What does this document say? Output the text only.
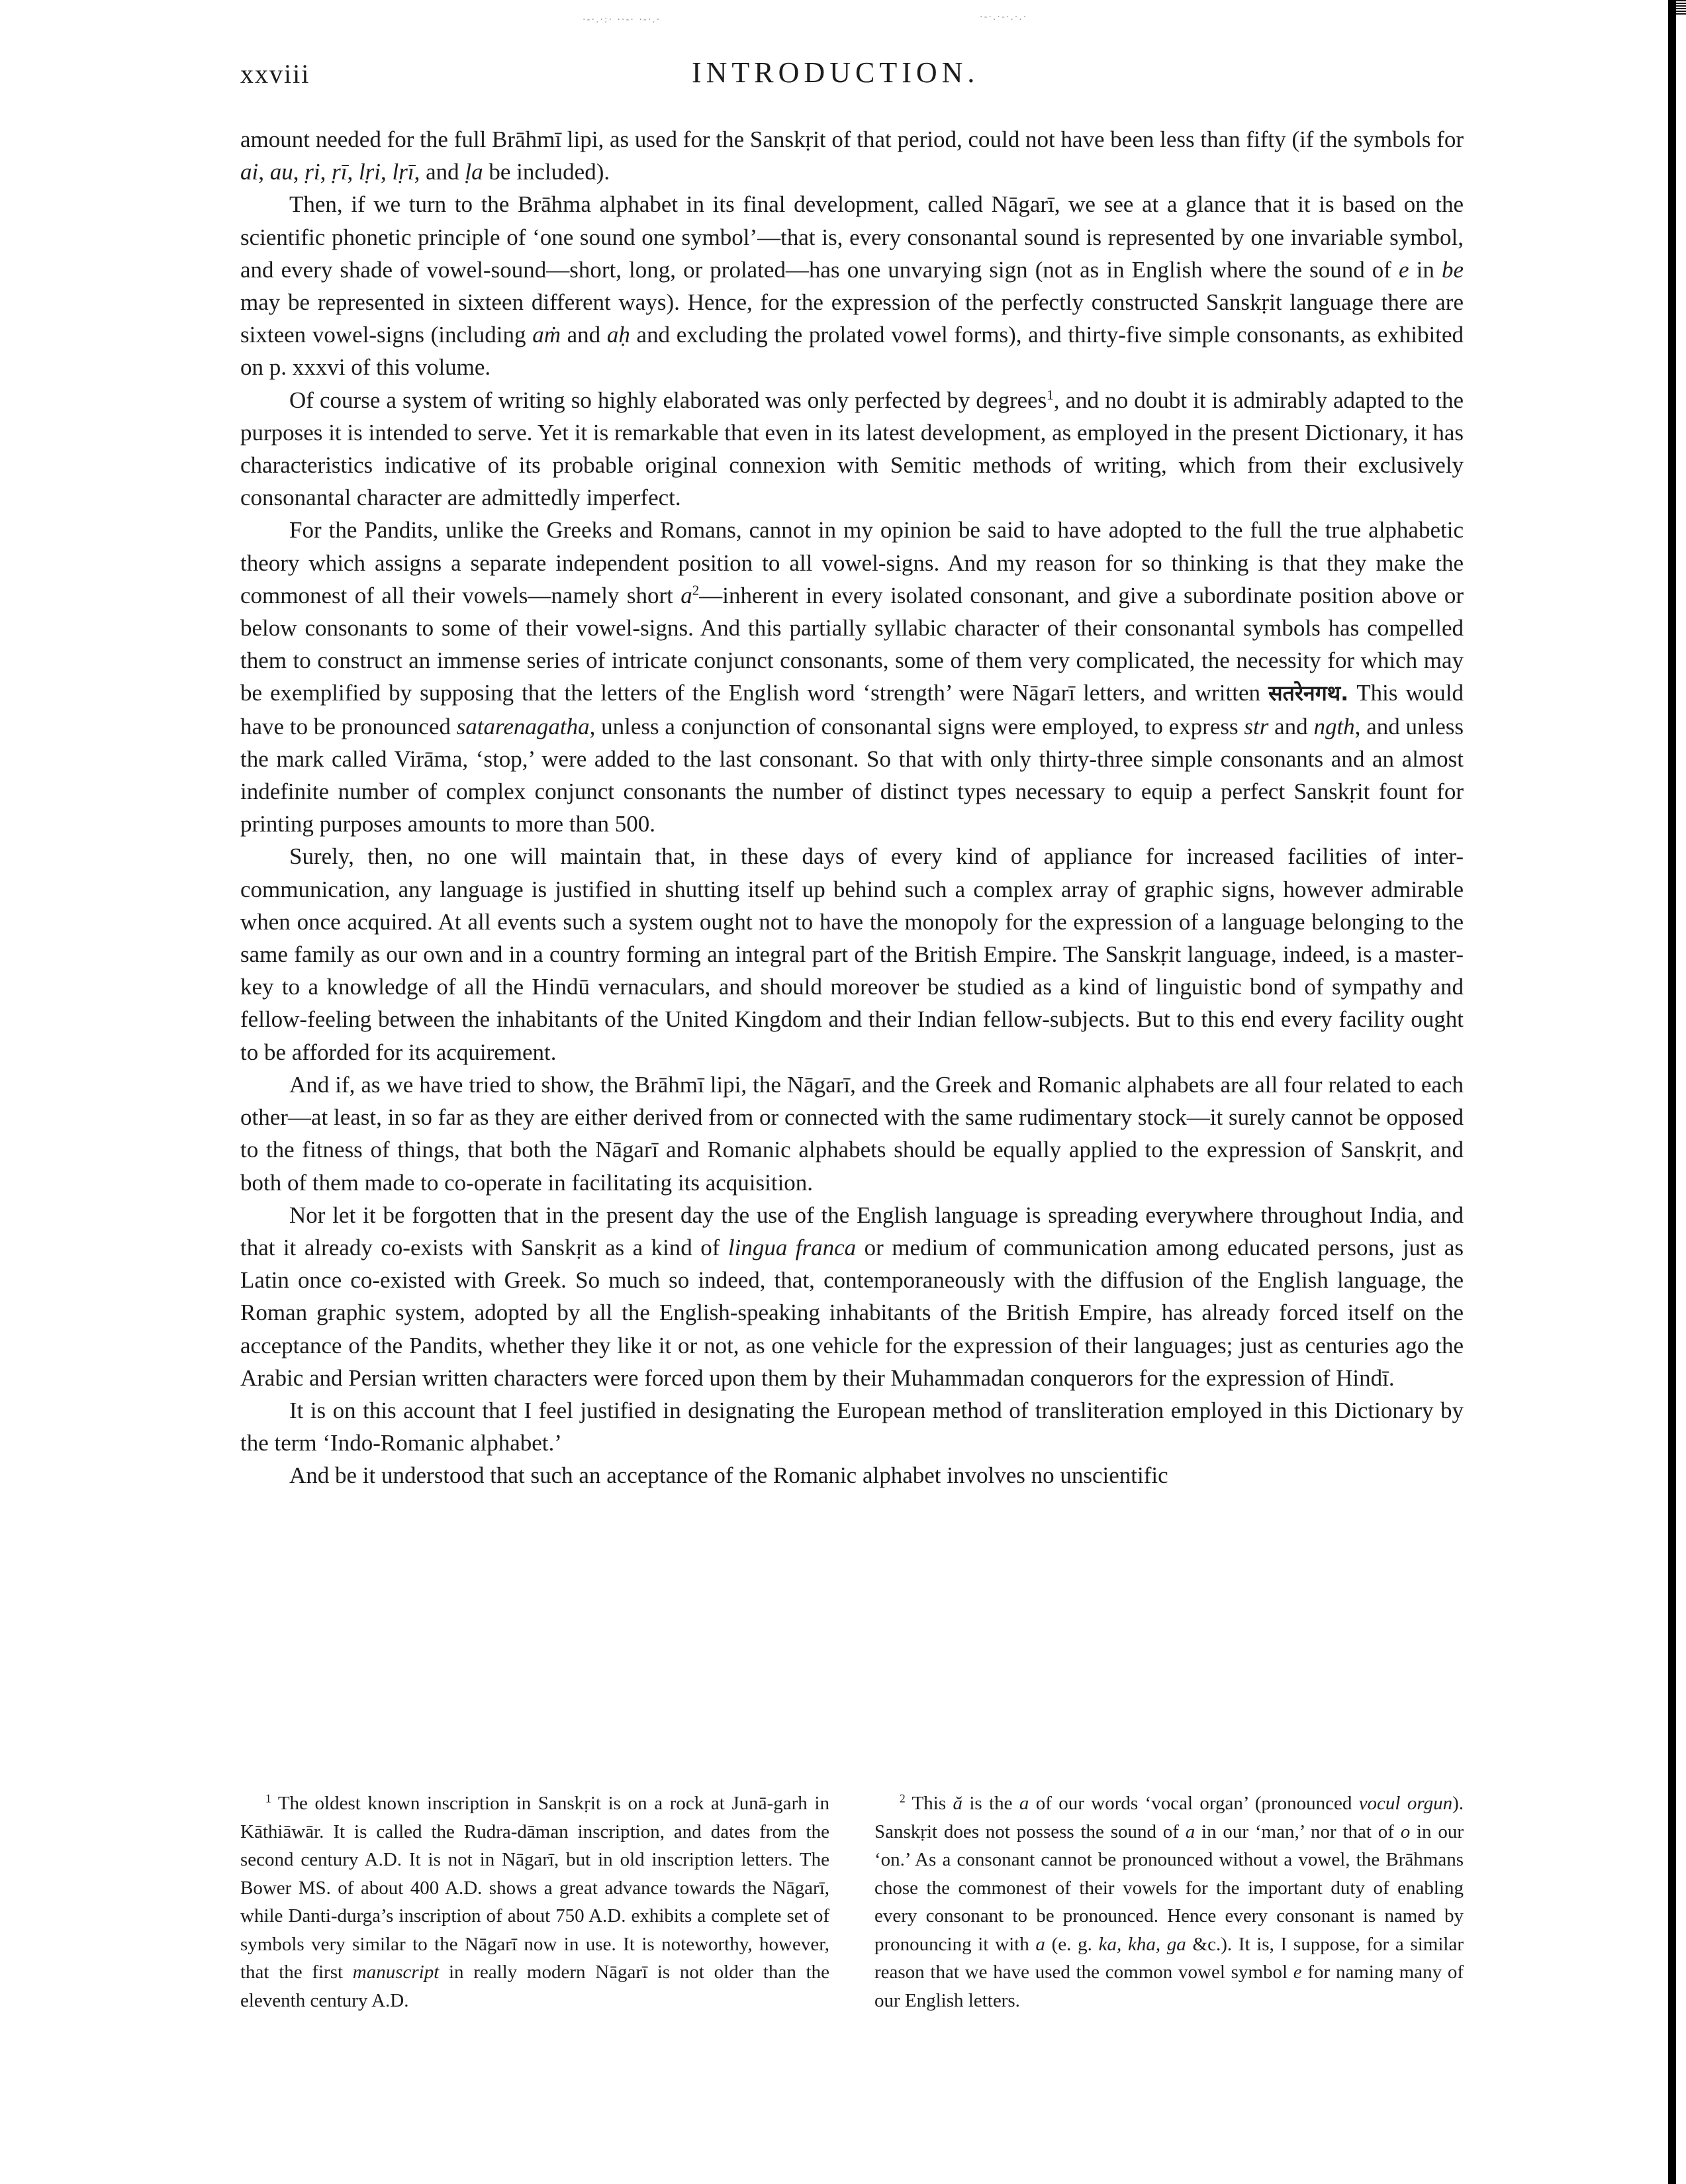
·-·.·:· ··-· ·-·.·	·-·.·-·.·.·
xxviii	INTRODUCTION.

amount needed for the full Brāhmī lipi, as used for the Sanskṛit of that period, could not have been less than fifty (if the symbols for ai, au, ṛi, ṛī, lṛi, lṛī, and ḷa be included).

Then, if we turn to the Brāhma alphabet in its final development, called Nāgarī, we see at a glance that it is based on the scientific phonetic principle of ‘one sound one symbol’—that is, every consonantal sound is represented by one invariable symbol, and every shade of vowel-sound—short, long, or prolated—has one unvarying sign (not as in English where the sound of e in be may be represented in sixteen different ways). Hence, for the expression of the perfectly constructed Sanskṛit language there are sixteen vowel-signs (including aṁ and aḥ and excluding the prolated vowel forms), and thirty-five simple consonants, as exhibited on p. xxxvi of this volume.

Of course a system of writing so highly elaborated was only perfected by degrees$^1$, and no doubt it is admirably adapted to the purposes it is intended to serve. Yet it is remarkable that even in its latest development, as employed in the present Dictionary, it has characteristics indicative of its probable original connexion with Semitic methods of writing, which from their exclusively consonantal character are admittedly imperfect.

For the Pandits, unlike the Greeks and Romans, cannot in my opinion be said to have adopted to the full the true alphabetic theory which assigns a separate independent position to all vowel-signs. And my reason for so thinking is that they make the commonest of all their vowels—namely short $a^2—inherent$ in every isolated consonant, and give a subordinate position above or below consonants to some of their vowel-signs. And this partially syllabic character of their consonantal symbols has compelled them to construct an immense series of intricate conjunct consonants, some of them very complicated, the necessity for which may be exemplified by supposing that the letters of the English word ‘strength’ were Nāgarī letters, and written सतरेनगथ. This would have to be pronounced satarenagatha, unless a conjunction of consonantal signs were employed, to express str and ngth, and unless the mark called Virāma, ‘stop,’ were added to the last consonant. So that with only thirty-three simple consonants and an almost indefinite number of complex conjunct consonants the number of distinct types necessary to equip a perfect Sanskṛit fount for printing purposes amounts to more than 500.

Surely, then, no one will maintain that, in these days of every kind of appliance for increased facilities of inter-communication, any language is justified in shutting itself up behind such a complex array of graphic signs, however admirable when once acquired. At all events such a system ought not to have the monopoly for the expression of a language belonging to the same family as our own and in a country forming an integral part of the British Empire. The Sanskṛit language, indeed, is a master-key to a knowledge of all the Hindū vernaculars, and should moreover be studied as a kind of linguistic bond of sympathy and fellow-feeling between the inhabitants of the United Kingdom and their Indian fellow-subjects. But to this end every facility ought to be afforded for its acquirement.

And if, as we have tried to show, the Brāhmī lipi, the Nāgarī, and the Greek and Romanic alphabets are all four related to each other—at least, in so far as they are either derived from or connected with the same rudimentary stock—it surely cannot be opposed to the fitness of things, that both the Nāgarī and Romanic alphabets should be equally applied to the expression of Sanskṛit, and both of them made to co-operate in facilitating its acquisition.

Nor let it be forgotten that in the present day the use of the English language is spreading everywhere throughout India, and that it already co-exists with Sanskṛit as a kind of lingua franca or medium of communication among educated persons, just as Latin once co-existed with Greek. So much so indeed, that, contemporaneously with the diffusion of the English language, the Roman graphic system, adopted by all the English-speaking inhabitants of the British Empire, has already forced itself on the acceptance of the Pandits, whether they like it or not, as one vehicle for the expression of their languages; just as centuries ago the Arabic and Persian written characters were forced upon them by their Muhammadan conquerors for the expression of Hindī.

It is on this account that I feel justified in designating the European method of transliteration employed in this Dictionary by the term ‘Indo-Romanic alphabet.’

And be it understood that such an acceptance of the Romanic alphabet involves no unscientific

$^1$ The oldest known inscription in Sanskṛit is on a rock at Junā-garh in Kāthiāwār. It is called the Rudra-dāman inscription, and dates from the second century A.D. It is not in Nāgarī, but in old inscription letters. The Bower MS. of about 400 A.D. shows a great advance towards the Nāgarī, while Danti-durga’s inscription of about 750 A.D. exhibits a complete set of symbols very similar to the Nāgarī now in use. It is noteworthy, however, that the first manuscript in really modern Nāgarī is not older than the eleventh century A.D.
$^2$ This ă is the a of our words ‘vocal organ’ (pronounced vocul orgun). Sanskṛit does not possess the sound of a in our ‘man,’ nor that of o in our ‘on.’ As a consonant cannot be pronounced without a vowel, the Brāhmans chose the commonest of their vowels for the important duty of enabling every consonant to be pronounced. Hence every consonant is named by pronouncing it with a (e. g. ka, kha, ga &c.). It is, I suppose, for a similar reason that we have used the common vowel symbol e for naming many of our English letters.
